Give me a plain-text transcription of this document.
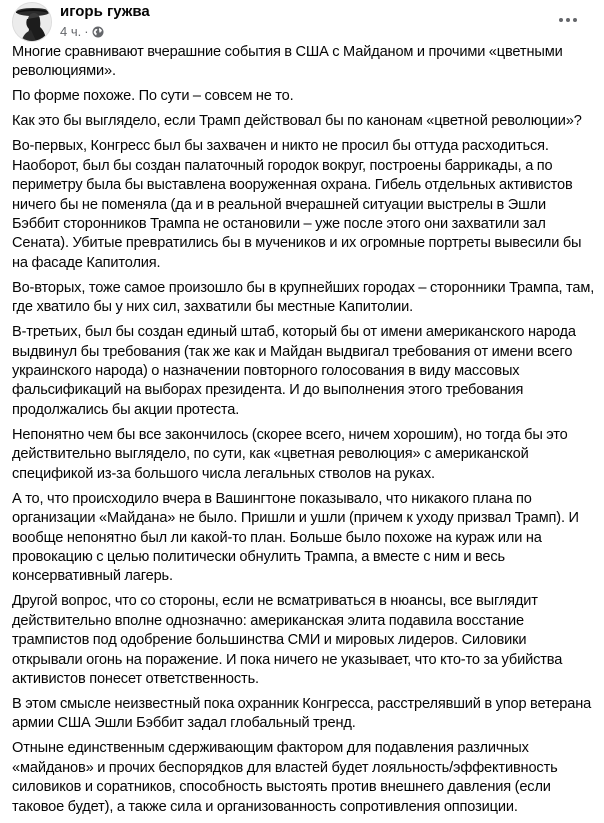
игорь гужва
4 ч. ·

Многие сравнивают вчерашние события в США с Майданом и прочими «цветными революциями».

По форме похоже. По сути – совсем не то.

Как это бы выглядело, если Трамп действовал бы по канонам «цветной революции»?

Во-первых, Конгресс был бы захвачен и никто не просил бы оттуда расходиться. Наоборот, был бы создан палаточный городок вокруг, построены баррикады, а по периметру была бы выставлена вооруженная охрана. Гибель отдельных активистов ничего бы не поменяла (да и в реальной вчерашней ситуации выстрелы в Эшли Бэббит сторонников Трампа не остановили – уже после этого они захватили зал Сената). Убитые превратились бы в мучеников и их огромные портреты вывесили бы на фасаде Капитолия.

Во-вторых, тоже самое произошло бы в крупнейших городах – сторонники Трампа, там, где хватило бы у них сил, захватили бы местные Капитолии.

В-третьих, был бы создан единый штаб, который бы от имени американского народа выдвинул бы требования (так же как и Майдан выдвигал требования от имени всего украинского народа) о назначении повторного голосования в виду массовых фальсификаций на выборах президента. И до выполнения этого требования продолжались бы акции протеста.

Непонятно чем бы все закончилось (скорее всего, ничем хорошим), но тогда бы это действительно выглядело, по сути, как «цветная революция» с американской спецификой из-за большого числа легальных стволов на руках.

А то, что происходило вчера в Вашингтоне показывало, что никакого плана по организации «Майдана» не было. Пришли и ушли (причем к уходу призвал Трамп). И вообще непонятно был ли какой-то план. Больше было похоже на кураж или на провокацию с целью политически обнулить Трампа, а вместе с ним и весь консервативный лагерь.

Другой вопрос, что со стороны, если не всматриваться в нюансы, все выглядит действительно вполне однозначно: американская элита подавила восстание трампистов под одобрение большинства СМИ и мировых лидеров. Силовики открывали огонь на поражение. И пока ничего не указывает, что кто-то за убийства активистов понесет ответственность.

В этом смысле неизвестный пока охранник Конгресса, расстрелявший в упор ветерана армии США Эшли Бэббит задал глобальный тренд.

Отныне единственным сдерживающим фактором для подавления различных «майданов» и прочих беспорядков для властей будет лояльность/эффективность силовиков и соратников, способность выстоять против внешнего давления (если таковое будет), а также сила и организованность сопротивления оппозиции.
